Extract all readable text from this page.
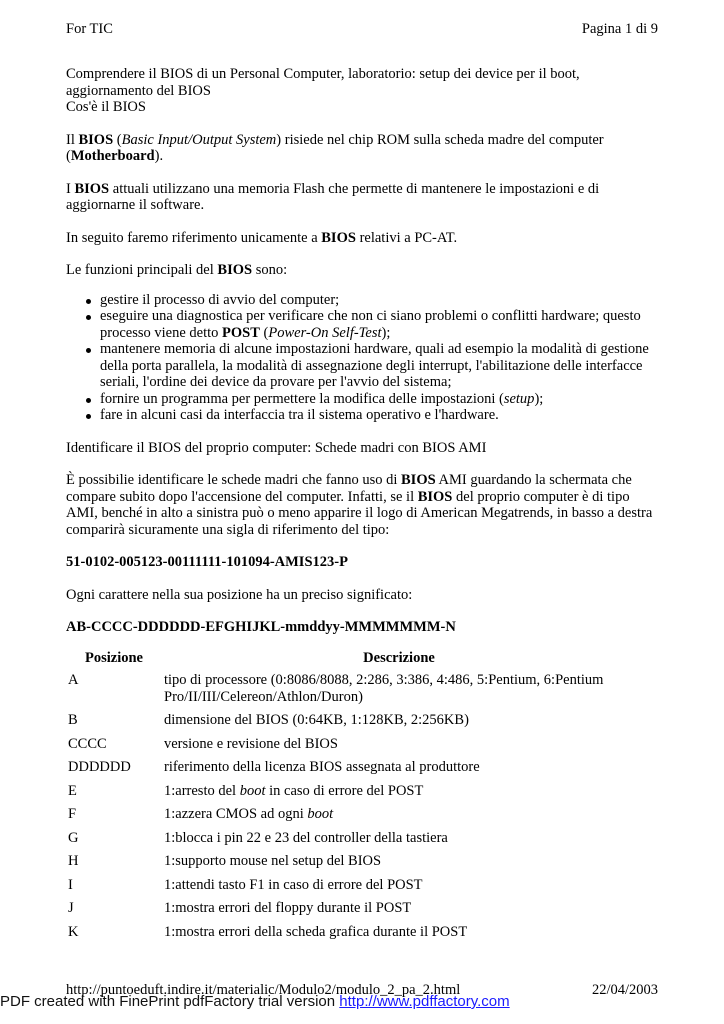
For TIC	Pagina 1 di 9

Comprendere il BIOS di un Personal Computer, laboratorio: setup dei device per il boot, aggiornamento del BIOS
Cos'è il BIOS

Il BIOS (Basic Input/Output System) risiede nel chip ROM sulla scheda madre del computer (Motherboard).

I BIOS attuali utilizzano una memoria Flash che permette di mantenere le impostazioni e di aggiornarne il software.

In seguito faremo riferimento unicamente a BIOS relativi a PC-AT.

Le funzioni principali del BIOS sono:

gestire il processo di avvio del computer;
eseguire una diagnostica per verificare che non ci siano problemi o conflitti hardware; questo processo viene detto POST (Power-On Self-Test);
mantenere memoria di alcune impostazioni hardware, quali ad esempio la modalità di gestione della porta parallela, la modalità di assegnazione degli interrupt, l'abilitazione delle interfacce seriali, l'ordine dei device da provare per l'avvio del sistema;
fornire un programma per permettere la modifica delle impostazioni (setup);
fare in alcuni casi da interfaccia tra il sistema operativo e l'hardware.

Identificare il BIOS del proprio computer: Schede madri con BIOS AMI

È possibilie identificare le schede madri che fanno uso di BIOS AMI guardando la schermata che compare subito dopo l'accensione del computer. Infatti, se il BIOS del proprio computer è di tipo AMI, benché in alto a sinistra può o meno apparire il logo di American Megatrends, in basso a destra comparirà sicuramente una sigla di riferimento del tipo:

51-0102-005123-00111111-101094-AMIS123-P

Ogni carattere nella sua posizione ha un preciso significato:

AB-CCCC-DDDDDD-EFGHIJKL-mmddyy-MMMMMMM-N

Posizione	Descrizione
A	tipo di processore (0:8086/8088, 2:286, 3:386, 4:486, 5:Pentium, 6:Pentium Pro/II/III/Celereon/Athlon/Duron)
B	dimensione del BIOS (0:64KB, 1:128KB, 2:256KB)
CCCC	versione e revisione del BIOS
DDDDDD	riferimento della licenza BIOS assegnata al produttore
E	1:arresto del boot in caso di errore del POST
F	1:azzera CMOS ad ogni boot
G	1:blocca i pin 22 e 23 del controller della tastiera
H	1:supporto mouse nel setup del BIOS
I	1:attendi tasto F1 in caso di errore del POST
J	1:mostra errori del floppy durante il POST
K	1:mostra errori della scheda grafica durante il POST
http://puntoeduft.indire.it/materialic/Modulo2/modulo_2_pa_2.html	22/04/2003
PDF created with FinePrint pdfFactory trial version http://www.pdffactory.com
